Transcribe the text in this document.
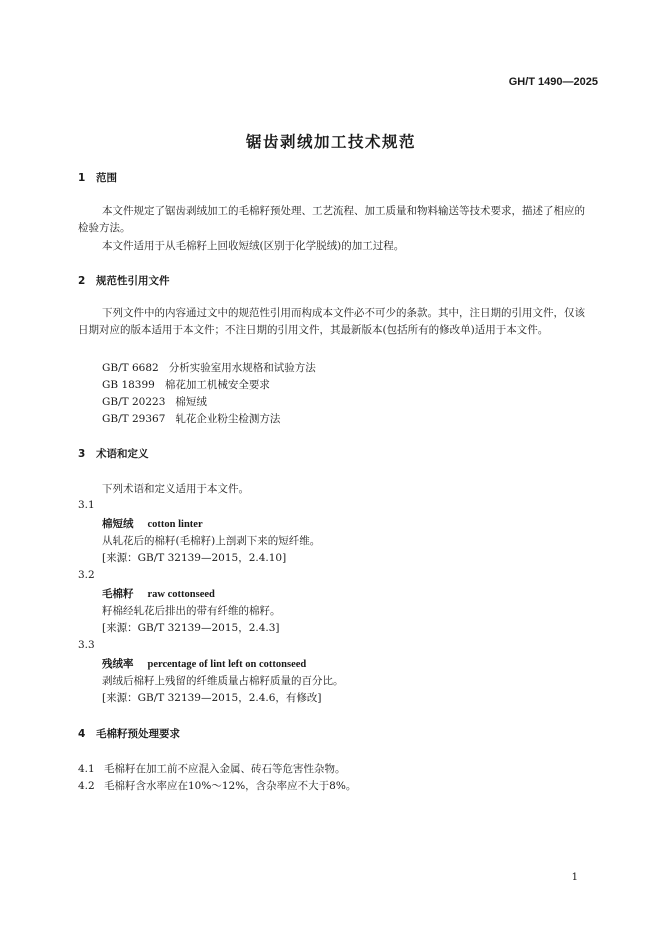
GH/T 1490—2025
锯齿剥绒加工技术规范
1 范围
本文件规定了锯齿剥绒加工的毛棉籽预处理、工艺流程、加工质量和物料输送等技术要求，描述了相应的检验方法。
本文件适用于从毛棉籽上回收短绒(区别于化学脱绒)的加工过程。
2 规范性引用文件
下列文件中的内容通过文中的规范性引用而构成本文件必不可少的条款。其中，注日期的引用文件，仅该日期对应的版本适用于本文件；不注日期的引用文件，其最新版本(包括所有的修改单)适用于本文件。
GB/T 6682   分析实验室用水规格和试验方法
GB 18399   棉花加工机械安全要求
GB/T 20223   棉短绒
GB/T 29367   轧花企业粉尘检测方法
3 术语和定义
下列术语和定义适用于本文件。
3.1
棉短绒 cotton linter
从轧花后的棉籽(毛棉籽)上剖剥下来的短纤维。
[来源：GB/T 32139—2015，2.4.10]
3.2
毛棉籽 raw cottonseed
籽棉经轧花后排出的带有纤维的棉籽。
[来源：GB/T 32139—2015，2.4.3]
3.3
残绒率 percentage of lint left on cottonseed
剥绒后棉籽上残留的纤维质量占棉籽质量的百分比。
[来源：GB/T 32139—2015，2.4.6，有修改]
4 毛棉籽预处理要求
4.1 毛棉籽在加工前不应混入金属、砖石等危害性杂物。
4.2 毛棉籽含水率应在10%～12%，含杂率应不大于8%。
1
